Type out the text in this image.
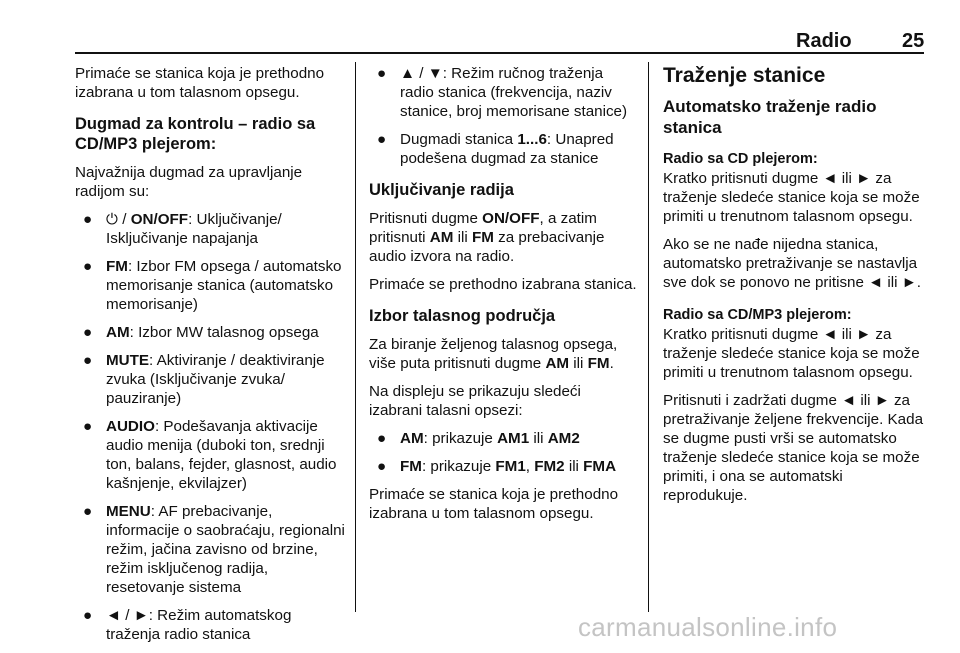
Radio	25

Primaće se stanica koja je prethodno izabrana u tom talasnom opsegu.

Dugmad za kontrolu – radio sa CD/MP3 plejerom:

Najvažnija dugmad za upravljanje radijom su:

● ⏻ / ON/OFF: Uključivanje/ Isključivanje napajanja
● FM: Izbor FM opsega / automatsko memorisanje stanica (automatsko memorisanje)
● AM: Izbor MW talasnog opsega
● MUTE: Aktiviranje / deaktiviranje zvuka (Isključivanje zvuka/ pauziranje)
● AUDIO: Podešavanja aktivacije audio menija (duboki ton, srednji ton, balans, fejder, glasnost, audio kašnjenje, ekvilajzer)
● MENU: AF prebacivanje, informacije o saobraćaju, regionalni režim, jačina zavisno od brzine, režim isključenog radija, resetovanje sistema
● ◄ / ►: Režim automatskog traženja radio stanica
● ▲ / ▼: Režim ručnog traženja radio stanica (frekvencija, naziv stanice, broj memorisane stanice)
● Dugmadi stanica 1...6: Unapred podešena dugmad za stanice
Uključivanje radija

Pritisnuti dugme ON/OFF, a zatim pritisnuti AM ili FM za prebacivanje audio izvora na radio.

Primaće se prethodno izabrana stanica.

Izbor talasnog područja

Za biranje željenog talasnog opsega, više puta pritisnuti dugme AM ili FM.

Na displeju se prikazuju sledeći izabrani talasni opsezi:

● AM: prikazuje AM1 ili AM2
● FM: prikazuje FM1, FM2 ili FMA

Primaće se stanica koja je prethodno izabrana u tom talasnom opsegu.

Traženje stanice
Automatsko traženje radio stanica

Radio sa CD plejerom:

Kratko pritisnuti dugme ◄ ili ► za traženje sledeće stanice koja se može primiti u trenutnom talasnom opsegu.

Ako se ne nađe nijedna stanica, automatsko pretraživanje se nastavlja sve dok se ponovo ne pritisne ◄ ili ►.

Radio sa CD/MP3 plejerom:

Kratko pritisnuti dugme ◄ ili ► za traženje sledeće stanice koja se može primiti u trenutnom talasnom opsegu.

Pritisnuti i zadržati dugme ◄ ili ► za pretraživanje željene frekvencije. Kada se dugme pusti vrši se automatsko traženje sledeće stanice koja se može primiti, i ona se automatski reprodukuje.

carmanualsonline.info
